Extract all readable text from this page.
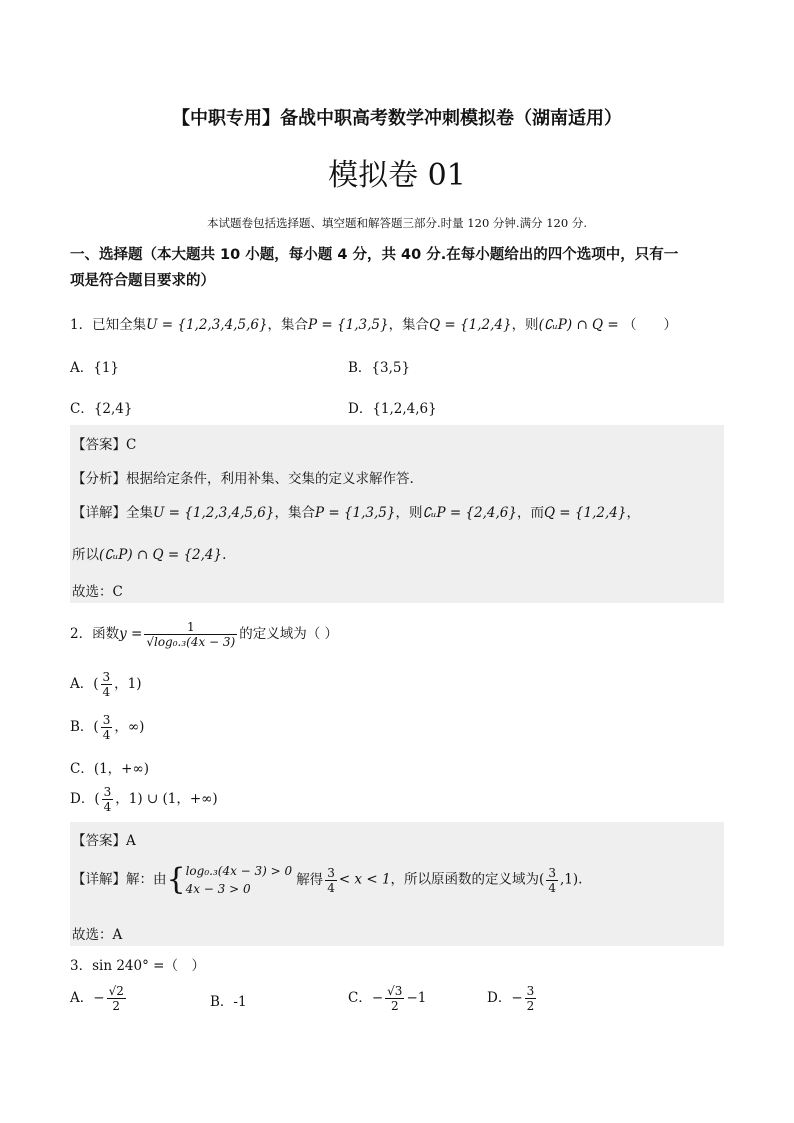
【中职专用】备战中职高考数学冲刺模拟卷（湖南适用）
模拟卷 01
本试题卷包括选择题、填空题和解答题三部分.时量 120 分钟.满分 120 分.
一、选择题（本大题共 10 小题，每小题 4 分，共 40 分.在每小题给出的四个选项中，只有一
项是符合题目要求的）
1．已知全集U = {1,2,3,4,5,6}，集合P = {1,3,5}，集合Q = {1,2,4}，则(∁ᵤP) ∩ Q = （　　）
A．{1}	B．{3,5}
C．{2,4}	D．{1,2,4,6}
【答案】C
【分析】根据给定条件，利用补集、交集的定义求解作答.
【详解】全集U = {1,2,3,4,5,6}，集合P = {1,3,5}，则∁ᵤP = {2,4,6}，而Q = {1,2,4}，
所以(∁ᵤP) ∩ Q = {2,4}.
故选：C
2．函数$y = \frac{1}{\text{√log₀.₃(4x − 3)}}$ 的定义域为（ ）
A．( $\frac{3}{4}$ ，1)
B．( $\frac{3}{4}$ ，∞)
C．(1，+∞)
D．( $\frac{3}{4}$ ，1) ∪ (1，+∞)
【答案】A
【详解】解：由{ log₀.₃(4x − 3) > 0
4x − 3 > 0
解得 $\frac{3}{4} < x < 1$，所以原函数的定义域为( $\frac{3}{4} ,1$).
故选：A
3．sin 240° =（　）
A．− $\frac{√2}{2}$	B．-1	C．− $\frac{√3}{2} -1$	D．− $\frac{3}{2}$
